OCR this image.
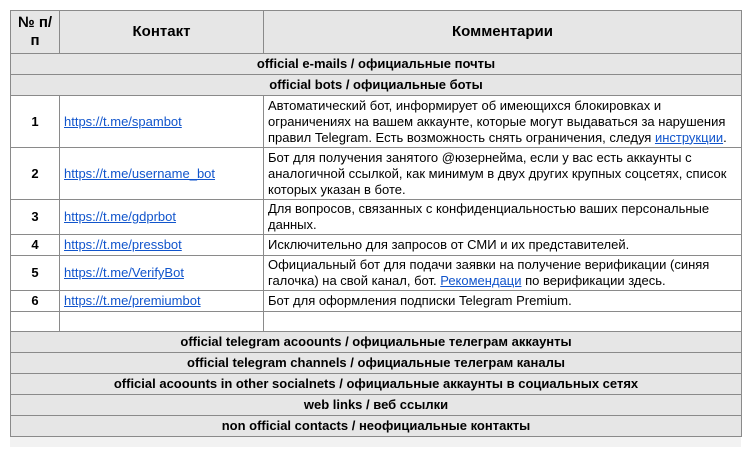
№ п/п	Контакт	Комментарии
official e-mails / официальные почты		
official bots / официальные боты		
1	https://t.me/spambot	Автоматический бот, информирует об имеющихся блокировках и ограничениях на вашем аккаунте, которые могут выдаваться за нарушения правил Telegram. Есть возможность снять ограничения, следуя инструкции.
2	https://t.me/username_bot	Бот для получения занятого @юзернейма, если у вас есть аккаунты с аналогичной ссылкой, как минимум в двух других крупных соцсетях, список которых указан в боте.
3	https://t.me/gdprbot	Для вопросов, связанных с конфиденциальностью ваших персональные данных.
4	https://t.me/pressbot	Исключительно для запросов от СМИ и их представителей.
5	https://t.me/VerifyBot	Официальный бот для подачи заявки на получение верификации (синяя галочка) на свой канал, бот. Рекомендаци по верификации здесь.
6	https://t.me/premiumbot	Бот для оформления подписки Telegram Premium.

official telegram acoounts / официальные телеграм аккаунты		
official telegram channels / официальные телеграм каналы		
official acoounts in other socialnets / официальные аккаунты в социальных сетях		
web links / веб ссылки		
non official contacts / неофициальные контакты		
